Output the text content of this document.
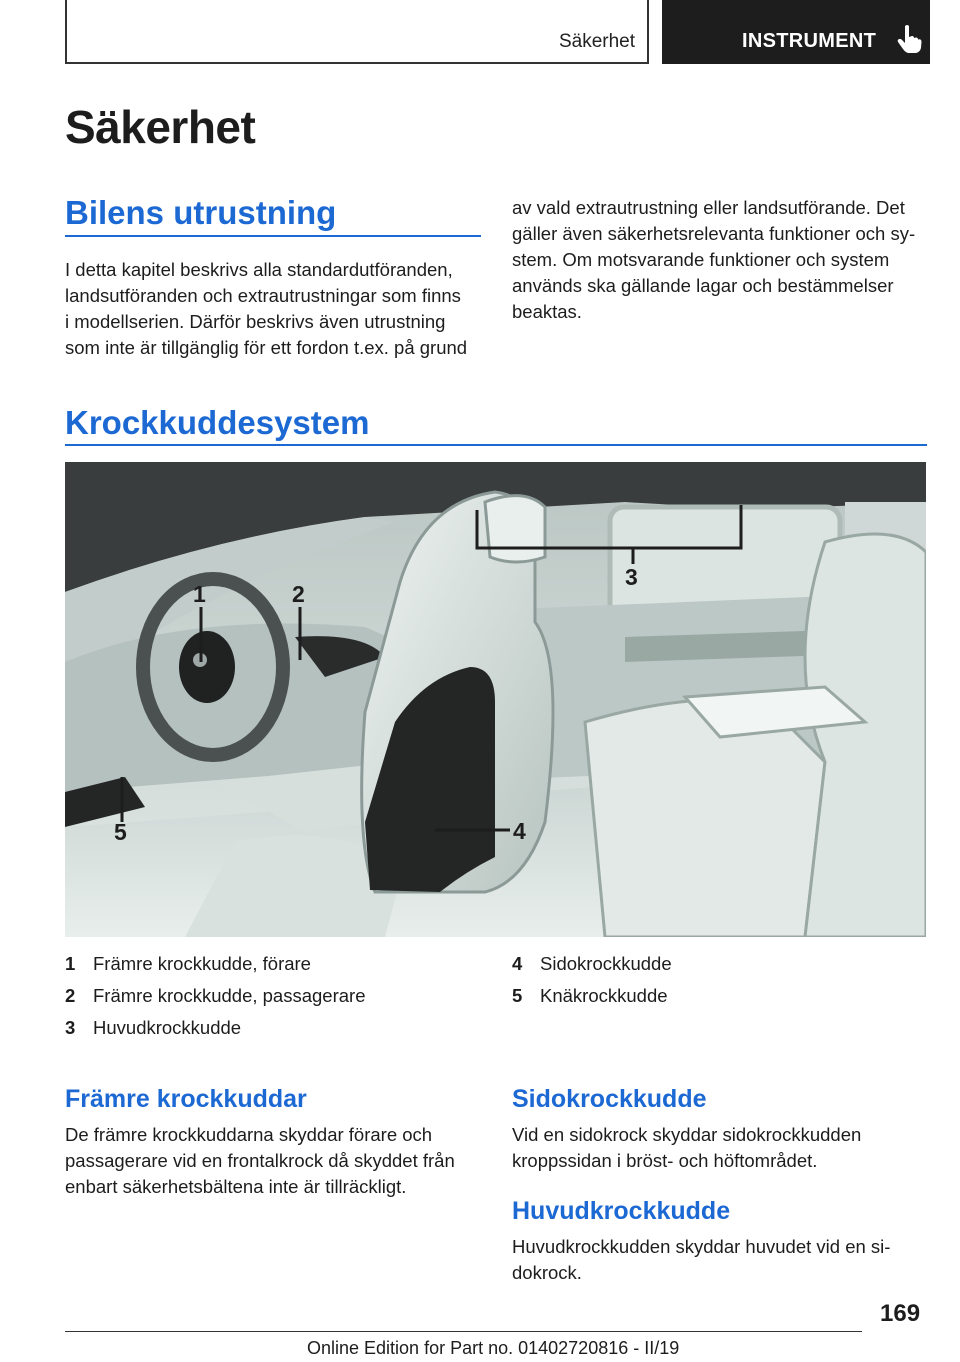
Säkerhet	INSTRUMENT
Säkerhet
Bilens utrustning
I detta kapitel beskrivs alla standardutföranden,
landsutföranden och extrautrustningar som finns
i modellserien. Därför beskrivs även utrustning
som inte är tillgänglig för ett fordon t.ex. på grund
av vald extrautrustning eller landsutförande. Det
gäller även säkerhetsrelevanta funktioner och sy-
stem. Om motsvarande funktioner och system
används ska gällande lagar och bestämmelser
beaktas.
Krockkuddesystem
1	2
3
4
5
1 Främre krockkudde, förare
2 Främre krockkudde, passagerare
3 Huvudkrockkudde
4 Sidokrockkudde
5 Knäkrockkudde
Främre krockkuddar
De främre krockkuddarna skyddar förare och
passagerare vid en frontalkrock då skyddet från
enbart säkerhetsbältena inte är tillräckligt.
Sidokrockkudde
Vid en sidokrock skyddar sidokrockkudden
kroppssidan i bröst- och höftområdet.
Huvudkrockkudde
Huvudkrockkudden skyddar huvudet vid en si-
dokrock.
169
Online Edition for Part no. 01402720816 - II/19
